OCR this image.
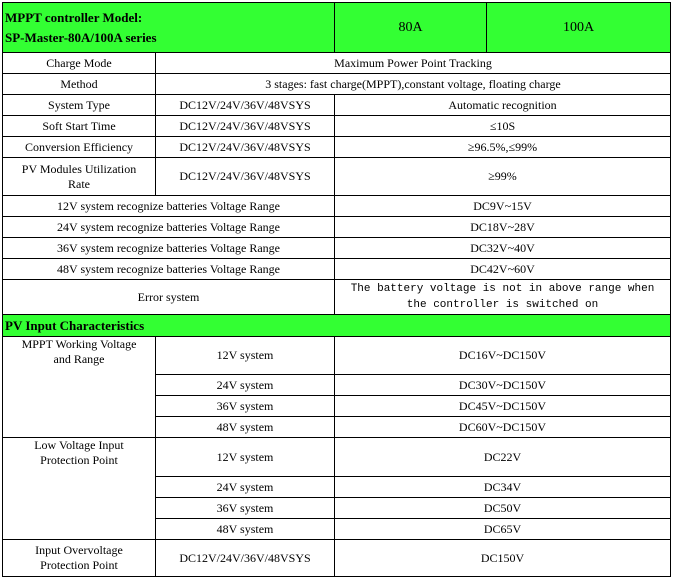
MPPT controller Model:
SP-Master-80A/100A series		80A	100A
Charge Mode	Maximum Power Point Tracking		
Method	3 stages: fast charge(MPPT),constant voltage, floating charge		
System Type	DC12V/24V/36V/48VSYS	Automatic recognition	
Soft Start Time	DC12V/24V/36V/48VSYS	≤10S	
Conversion Efficiency	DC12V/24V/36V/48VSYS	≥96.5%,≤99%	

PV Modules Utilization
Rate	DC12V/24V/36V/48VSYS	≥99%	
12V system recognize batteries Voltage Range		DC9V~15V	
24V system recognize batteries Voltage Range		DC18V~28V	
36V system recognize batteries Voltage Range		DC32V~40V	
48V system recognize batteries Voltage Range		DC42V~60V	
Error system		The battery voltage is not in above range when
the controller is switched on	

PV Input Characteristics			

MPPT Working Voltage
and Range	12V system	DC16V~DC150V	
	24V system	DC30V~DC150V	
	36V system	DC45V~DC150V	
	48V system	DC60V~DC150V	

Low Voltage Input
Protection Point	12V system	DC22V	
	24V system	DC34V	
	36V system	DC50V	
	48V system	DC65V	

Input Overvoltage
Protection Point	DC12V/24V/36V/48VSYS	DC150V	
